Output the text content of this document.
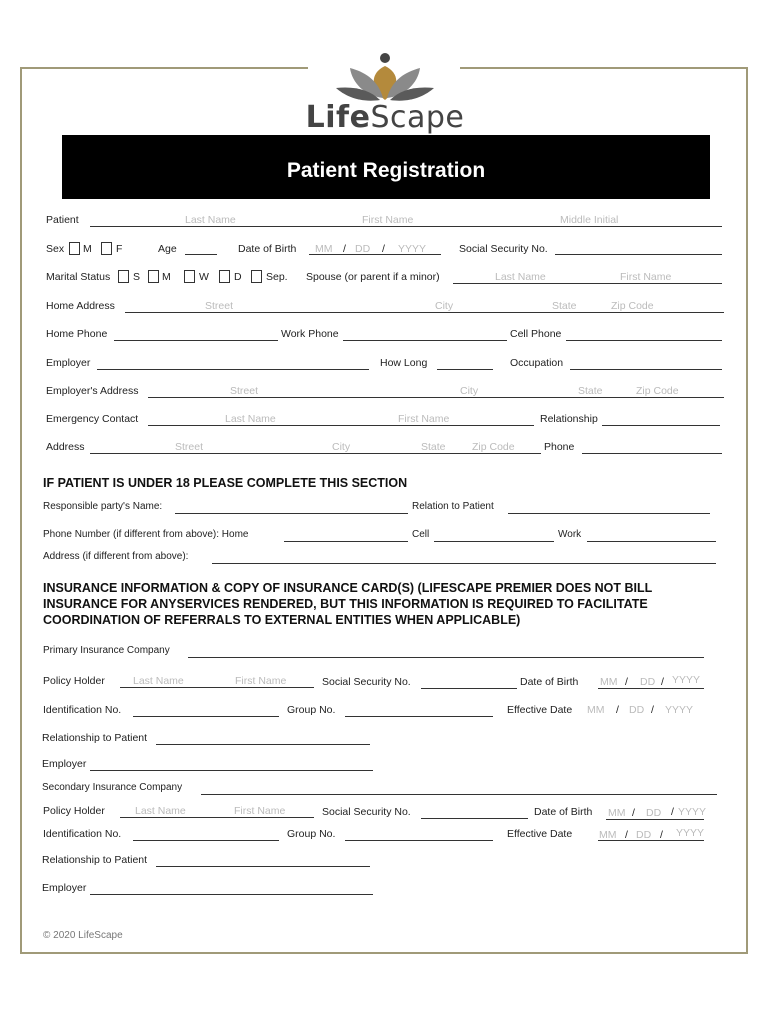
LifeScape
Patient Registration
Patient	Last Name	First Name	Middle Initial
Sex M F	Age	Date of Birth MM / DD / YYYY	Social Security No.
Marital Status S M	W D Sep. Spouse (or parent if a minor)	Last Name	First Name
Home Address	Street	City	State	Zip Code
Home Phone	Work Phone	Cell Phone
Employer	How Long	Occupation
Employer's Address	Street	City	State	Zip Code
Emergency Contact	Last Name	First Name	Relationship
Address	Street	City	State	Zip Code	Phone
IF PATIENT IS UNDER 18 PLEASE COMPLETE THIS SECTION
Responsible party's Name:	Relation to Patient
Phone Number (if different from above): Home	Cell	Work
Address (if different from above):
INSURANCE INFORMATION & COPY OF INSURANCE CARD(S) (LIFESCAPE PREMIER DOES NOT BILL INSURANCE FOR ANYSERVICES RENDERED, BUT THIS INFORMATION IS REQUIRED TO FACILITATE COORDINATION OF REFERRALS TO EXTERNAL ENTITIES WHEN APPLICABLE)
Primary Insurance Company
Policy Holder	Last Name	First Name	Social Security No.	Date of Birth MM / DD / YYYY
Identification No.	Group No.	Effective Date MM / DD / YYYY
Relationship to Patient
Employer
Secondary Insurance Company
Policy Holder	Last Name	First Name	Social Security No.	Date of Birth MM / DD / YYYY
Identification No.	Group No.	Effective Date	MM / DD / YYYY
Relationship to Patient
Employer
© 2020 LifeScape
